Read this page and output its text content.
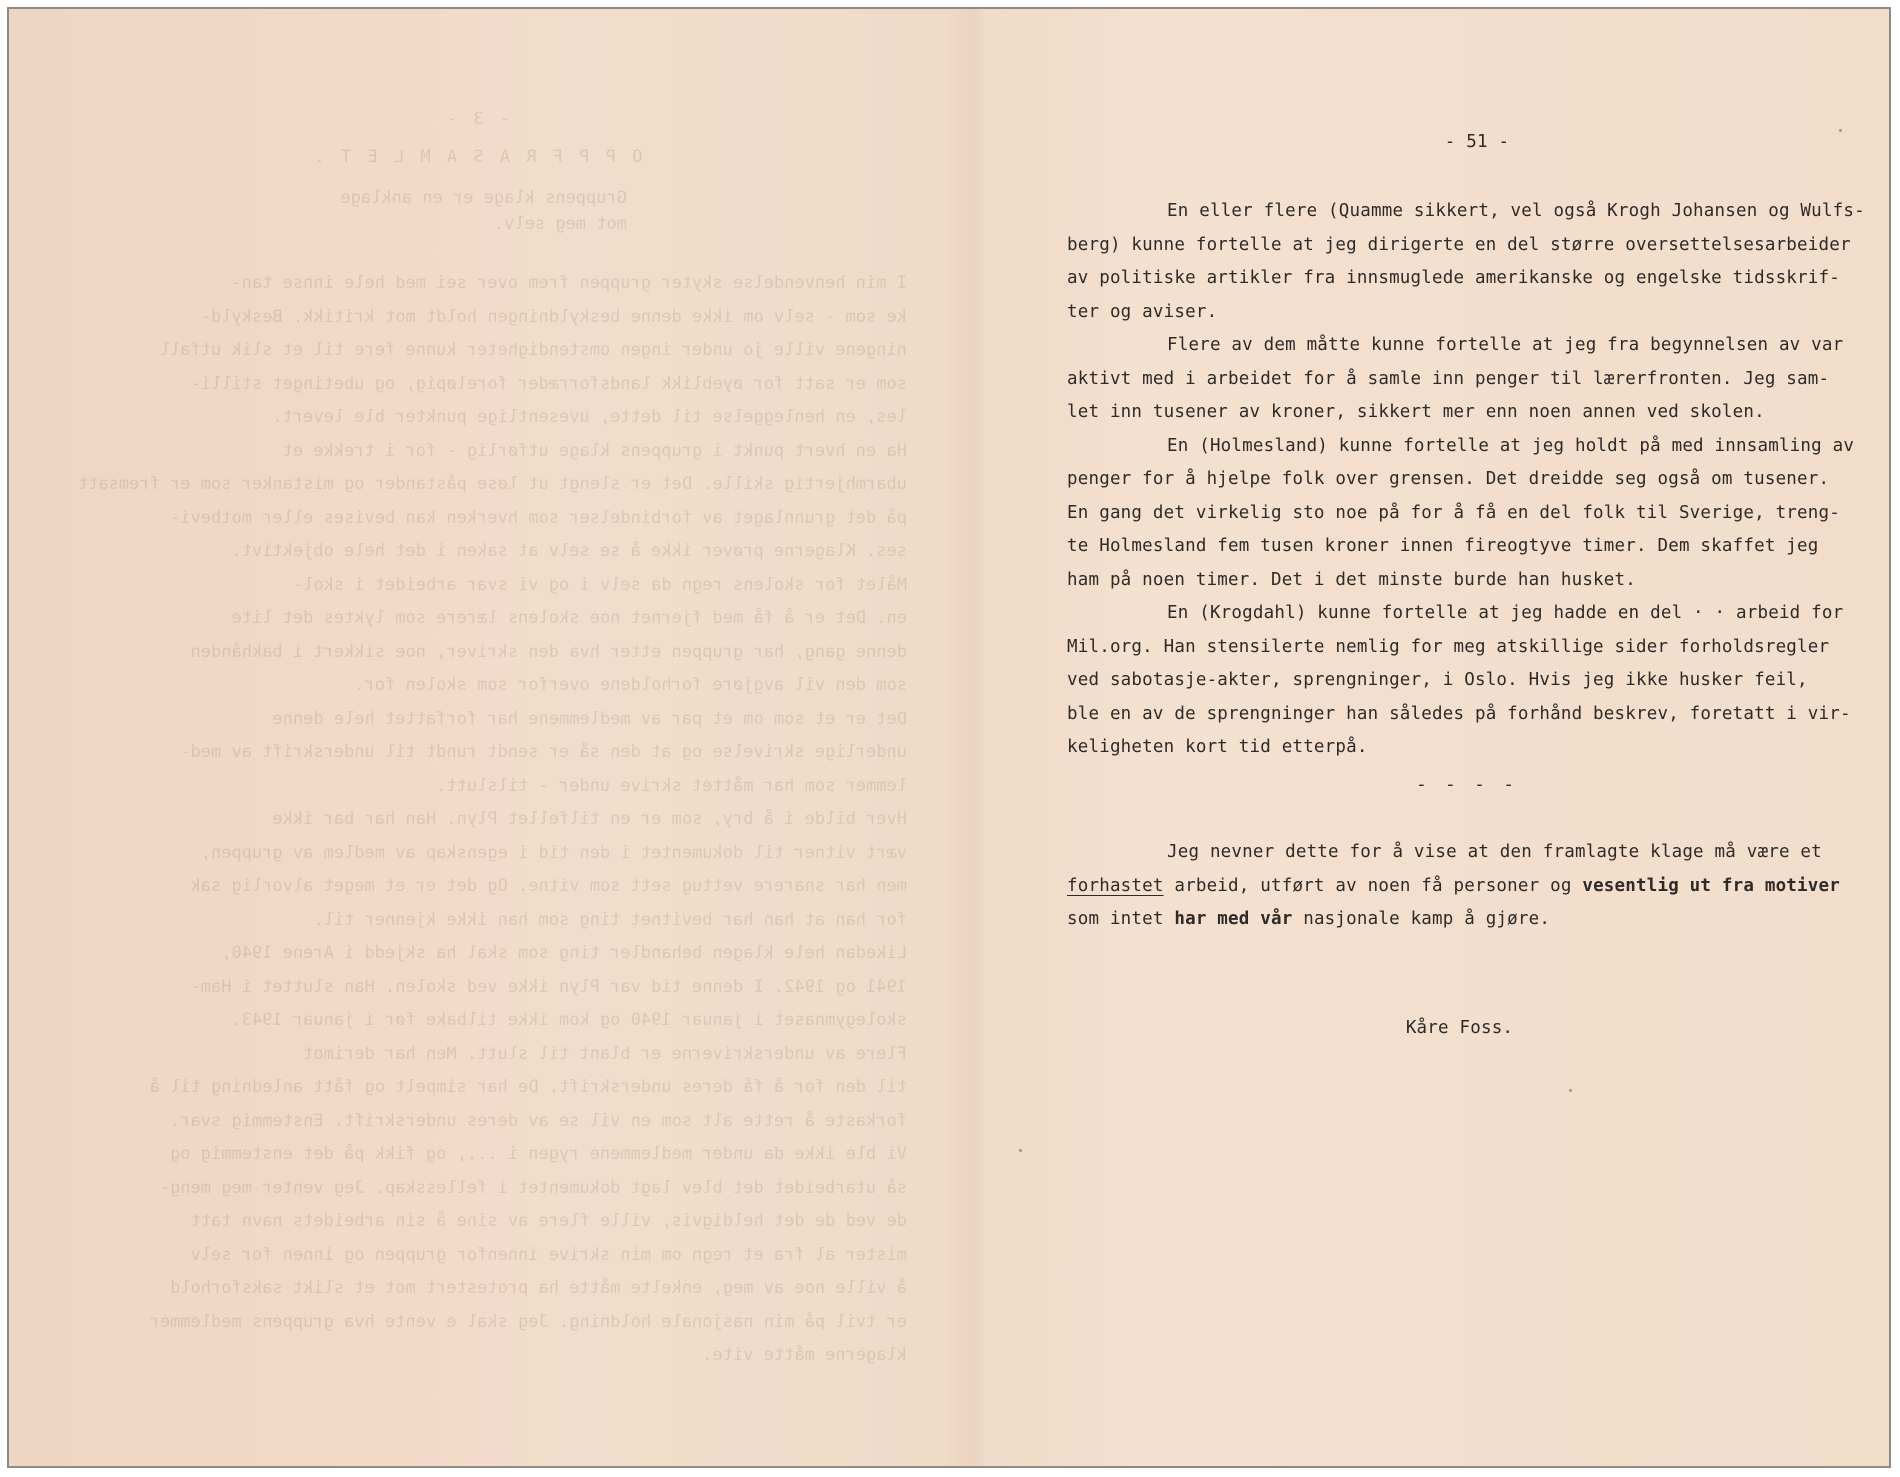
- 3 -
O P P F R A S A M L E T .
Gruppens klage er en anklage
mot meg selv.
I min henvendelse skyter gruppen frem over sei med hele innse tan-
ke som - selv om ikke denne beskyldningen holdt mot kritikk. Beskyld-
ningene ville jo under ingen omstendigheter kunne fere til et slik utfall
som er satt for øyeblikk landsforræder foreløpig, og ubetinget stilli-
les, en henleggelse til dette, uvesentlige punkter ble levert.
Ha en hvert punkt i gruppens klage utførlig - for i trekke et
ubarmhjertig skille. Det er slengt ut løse påstander og mistanker som er fremsatt
på det grunnlaget av forbindelser som hverken kan bevises eller motbevi-
ses. Klagerne prøver ikke å se selv at saken i det hele objektivt.
Målet for skolens regn da selv i og vi svar arbeidet i skol-
en. Det er å få med fjernet noe skolens lærere som lyktes det lite
denne gang, har gruppen etter hva den skriver, noe sikkert i bakhånden
som den vil avgjøre forholdene overfor som skolen for.
Det er et som om et par av medlemmene har forfattet hele denne
underlige skrivelse og at den så er sendt rundt til underskrift av med-
lemmer som har måttet skrive under - tilslutt.
Hver bilde i å bry, som er en tilfellet Plyn. Han har bar ikke
vært vitner til dokumentet i den tid i egenskap av medlem av gruppen,
men har snarere vettug sett som vitne. Og det er et meget alvorlig sak
for han at han har bevitnet ting som han ikke kjenner til.
Likedan hele klagen behandler ting som skal ha skjedd i Arene 1940,
1941 og 1942. I denne tid var Plyn ikke ved skolen. Han sluttet i Ham-
skolegymnaset i januar 1940 og kom ikke tilbake før i januar 1943.
Flere av underskriverne er blant til slutt. Men har derimot
til den for å få deres underskrift. De har simpelt og fått anledning til å
forkaste å rette alt som en vil se av deres underskrift. Enstemmig svar.
Vi ble ikke da under medlemmene rygen i ..., og fikk på det enstemmig og
så utarbeidet det blev lagt dokumentet i fellesskap. Jeg venter meg meng-
de ved de det heldigvis, ville flere av sine å sin arbeidets navn tatt
mister al fra et regn om min skrive innenfor gruppen og innen for selv
å ville noe av meg, enkelte måtte ha protestert mot et slikt saksforhold
er tvil på min nasjonale holdning. Jeg skal e vente hva gruppens medlemmer
klagerne måtte vite.
- 51 -
En eller flere (Quamme sikkert, vel også Krogh Johansen og Wulfs-
berg) kunne fortelle at jeg dirigerte en del større oversettelsesarbeider
av politiske artikler fra innsmuglede amerikanske og engelske tidsskrif-
ter og aviser.
Flere av dem måtte kunne fortelle at jeg fra begynnelsen av var
aktivt med i arbeidet for å samle inn penger til lærerfronten. Jeg sam-
let inn tusener av kroner, sikkert mer enn noen annen ved skolen.
En (Holmesland) kunne fortelle at jeg holdt på med innsamling av
penger for å hjelpe folk over grensen. Det dreidde seg også om tusener.
En gang det virkelig sto noe på for å få en del folk til Sverige, treng-
te Holmesland fem tusen kroner innen fireogtyve timer. Dem skaffet jeg
ham på noen timer. Det i det minste burde han husket.
En (Krogdahl) kunne fortelle at jeg hadde en del · · arbeid for
Mil.org. Han stensilerte nemlig for meg atskillige sider forholdsregler
ved sabotasje-akter, sprengninger, i Oslo. Hvis jeg ikke husker feil,
ble en av de sprengninger han således på forhånd beskrev, foretatt i vir-
keligheten kort tid etterpå.
- - - -
Jeg nevner dette for å vise at den framlagte klage må være et
forhastet arbeid, utført av noen få personer og vesentlig ut fra motiver
som intet har med vår nasjonale kamp å gjøre.
Kåre Foss.
